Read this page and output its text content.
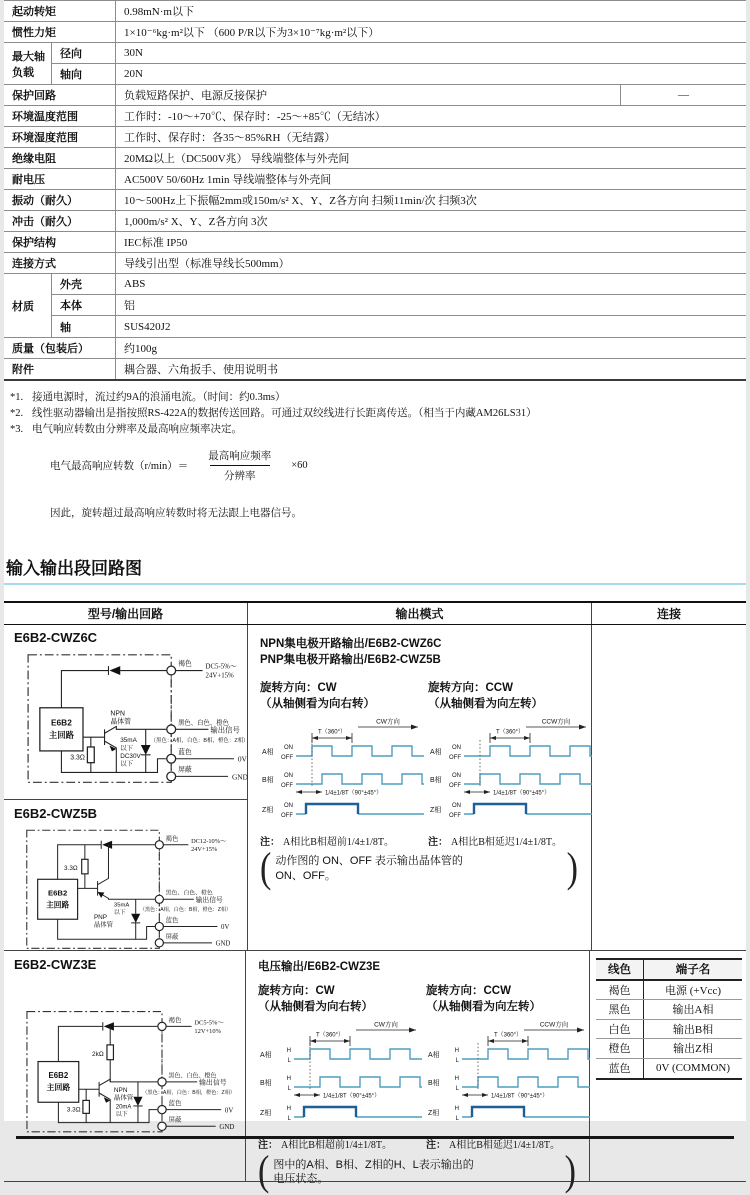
起动转矩	0.98mN·m以下
惯性力矩	1×10⁻⁶kg·m²以下 （600 P/R以下为3×10⁻⁷kg·m²以下）
最大轴负载
径向	30N
轴向	20N
保护回路	负载短路保护、电源反接保护	—
环境温度范围	工作时：-10～+70℃、保存时：-25～+85℃（无结冰）
环境湿度范围	工作时、保存时：各35～85%RH（无结露）
绝缘电阻	20MΩ以上（DC500V兆） 导线端整体与外壳间
耐电压	AC500V 50/60Hz 1min 导线端整体与外壳间
振动（耐久）	10～500Hz上下振幅2mm或150m/s² X、Y、Z各方向 扫频11min/次 扫频3次
冲击（耐久）	1,000m/s² X、Y、Z各方向 3次
保护结构	IEC标准 IP50
连接方式	导线引出型（标准导线长500mm）
材质
外壳	ABS
本体	铝
轴	SUS420J2
质量（包装后）	约100g
附件	耦合器、六角扳手、使用说明书
*1. 接通电源时，流过约9A的浪涌电流。（时间：约0.3ms）
*2. 线性驱动器输出是指按照RS-422A的数据传送回路。可通过双绞线进行长距离传送。（相当于内藏AM26LS31）
*3. 电气响应转数由分辨率及最高响应频率决定。
电气最高响应转数$(r/\min)= \frac{\text{最高响应频率}}{\text{分辨率}} \times 60$
因此，旋转超过最高响应转数时将无法跟上电器信号。
输入输出段回路图
型号/输出回路	输出模式	连接
E6B2-CWZ6C
E6B2
主回路
3.3Ω
NPN
晶体管
35mA
以下
DC30V
以下
褐色 DC5-5%～
24V+15%
黑色、白色、橙色
输出信号
（黑色：A相，白色：B相，橙色：Z相）
蓝色
0V
屏蔽
GND
E6B2-CWZ5B
E6B2
主回路
3.3Ω
35mA
以下
PNP
晶体管
褐色 DC12-10%～
24V+15%
黑色、白色、橙色
输出信号
（黑色：A相，白色：B相，橙色：Z相）
蓝色
0V
屏蔽
GND
NPN集电极开路输出/E6B2-CWZ6C
PNP集电极开路输出/E6B2-CWZ5B
旋转方向：CW
（从轴侧看为向右转）
CW方向
T（360°）
A相
ON
OFF
B相
ON
OFF
Z相
ON
OFF
1/4±1/8T（90°±45°）
注： A相比B相超前1/4±1/8T。
旋转方向：CCW
（从轴侧看为向左转）
CCW方向
T（360°）
A相
ON
OFF
B相
ON
OFF
Z相
ON
OFF
1/4±1/8T（90°±45°）
注： A相比B相延迟1/4±1/8T。
( 动作图的 ON、OFF 表示输出晶体管的
ON、OFF。	)
E6B2-CWZ3E
E6B2
主回路
2kΩ
NPN
晶体管
20mA
以下
3.3Ω
褐色 DC5-5%～
12V+10%
黑色、白色、橙色
输出信号
（黑色：A相，白色：B相，橙色：Z相）
蓝色
0V
屏蔽
GND
电压输出/E6B2-CWZ3E
旋转方向：CW
（从轴侧看为向右转）
CW方向
T（360°）
A相
H
L
B相
H
L
Z相
H
L
1/4±1/8T（90°±45°）
注： A相比B相超前1/4±1/8T。
旋转方向：CCW
（从轴侧看为向左转）
CCW方向
T（360°）
A相
H
L
B相
H
L
Z相
H
L
1/4±1/8T（90°±45°）
注： A相比B相延迟1/4±1/8T。
( 图中的A相、B相、Z相的H、L表示输出的
电压状态。	)
线色	端子名
褐色	电源 (+Vcc)
黑色	输出A相
白色	输出B相
橙色	输出Z相
蓝色	0V (COMMON)
